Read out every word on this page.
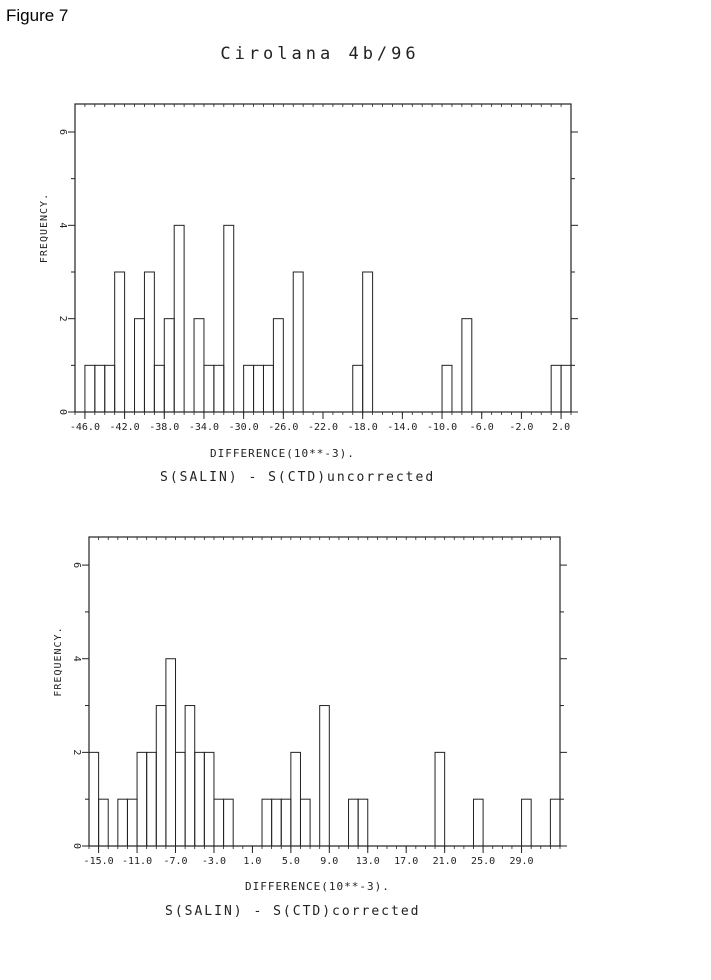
Figure 7
Cirolana 4b/96
0
2
4
6
FREQUENCY.
-46.0 -42.0 -38.0 -34.0 -30.0 -26.0 -22.0 -18.0 -14.0 -10.0 -6.0 -2.0 2.0
0
2
4
6
FREQUENCY.
-15.0 -11.0 -7.0 -3.0 1.0 5.0 9.0 13.0 17.0 21.0 25.0 29.0
DIFFERENCE(10**-3).
S(SALIN) - S(CTD)uncorrected
DIFFERENCE(10**-3).
S(SALIN) - S(CTD)corrected
